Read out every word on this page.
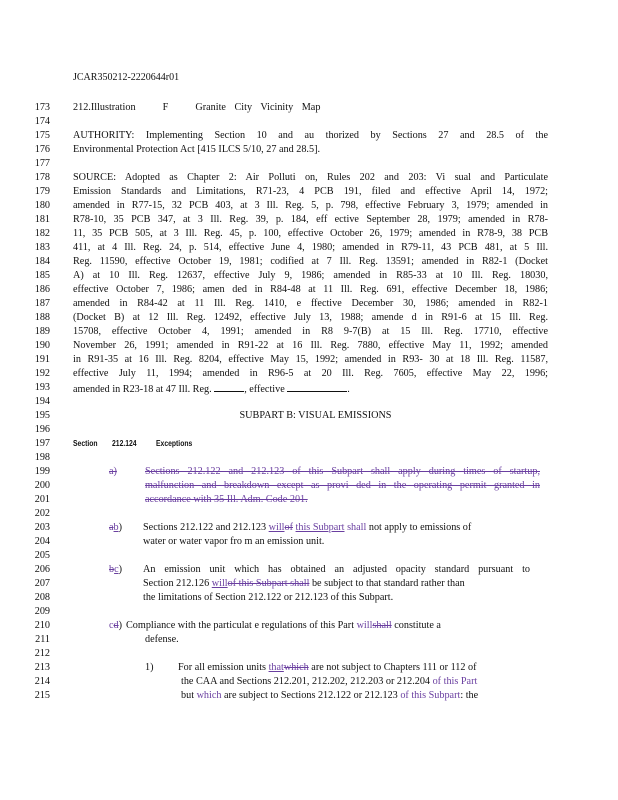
JCAR350212-2220644r01
173
174
175
176
177
178
179
180
181
182
183
184
185
186
187
188
189
190
191
192
193
194
195
196
197
198
199
200
201
202
203
204
205
206
207
208
209
210
211
212
213
214
215
212.Illustration	F	Granite City Vicinity Map
AUTHORITY: Implementing Section 10 and au thorized by Sections 27 and 28.5 of the
Environmental Protection Act [415 ILCS 5/10, 27 and 28.5].
SOURCE: Adopted as Chapter 2: Air Polluti on, Rules 202 and 203: Vi sual and Particulate
Emission Standards and Limitations, R71-23, 4 PCB 191, filed and effective April 14, 1972;
amended in R77-15, 32 PCB 403, at 3 Ill. Reg. 5, p. 798, effective February 3, 1979; amended in
R78-10, 35 PCB 347, at 3 Ill. Reg. 39, p. 184, eff ective September 28, 1979; amended in R78-
11, 35 PCB 505, at 3 Ill. Reg. 45, p. 100, effective October 26, 1979; amended in R78-9, 38 PCB
411, at 4 Ill. Reg. 24, p. 514, effective June 4, 1980; amended in R79-11, 43 PCB 481, at 5 Ill.
Reg. 11590, effective October 19, 1981; codified at 7 Ill. Reg. 13591; amended in R82-1 (Docket
A) at 10 Ill. Reg. 12637, effective July 9, 1986; amended in R85-33 at 10 Ill. Reg. 18030,
effective October 7, 1986; amen ded in R84-48 at 11 Ill. Reg. 691, effective December 18, 1986;
amended in R84-42 at 11 Ill. Reg. 1410, e ffective December 30, 1986; amended in R82-1
(Docket B) at 12 Ill. Reg. 12492, effective July 13, 1988; amende d in R91-6 at 15 Ill. Reg.
15708, effective October 4, 1991; amended in R8 9-7(B) at 15 Ill. Reg. 17710, effective
November 26, 1991; amended in R91-22 at 16 Ill. Reg. 7880, effective May 11, 1992; amended
in R91-35 at 16 Ill. Reg. 8204, effective May 15, 1992; amended in R93- 30 at 18 Ill. Reg. 11587,
effective July 11, 1994; amended in R96-5 at 20 Ill. Reg. 7605, effective May 22, 1996;
amended in R23-18 at 47 Ill. Reg.	, effective	.
SUBPART B: VISUAL EMISSIONS
Section 212.124 Exceptions
a)	Sections 212.122 and 212.123 of this Subpart shall apply during times of startup,
malfunction and breakdown except as provi ded in the operating permit granted in
accordance with 35 Ill. Adm. Code 201.
ab) Sections 212.122 and 212.123 willof this Subpart shall not apply to emissions of
water or water vapor fro m an emission unit.
bc) An emission unit which has obtained an adjusted opacity standard pursuant to
Section 212.126 willof this Subpart shall be subject to that standard rather than
the limitations of Section 212.122 or 212.123 of this Subpart.
cd) Compliance with the particulat e regulations of this Part willshall constitute a
defense.
1) For all emission units thatwhich are not subject to Chapters 111 or 112 of
the CAA and Sections 212.201, 212.202, 212.203 or 212.204 of this Part
but which are subject to Sections 212.122 or 212.123 of this Subpart: the
